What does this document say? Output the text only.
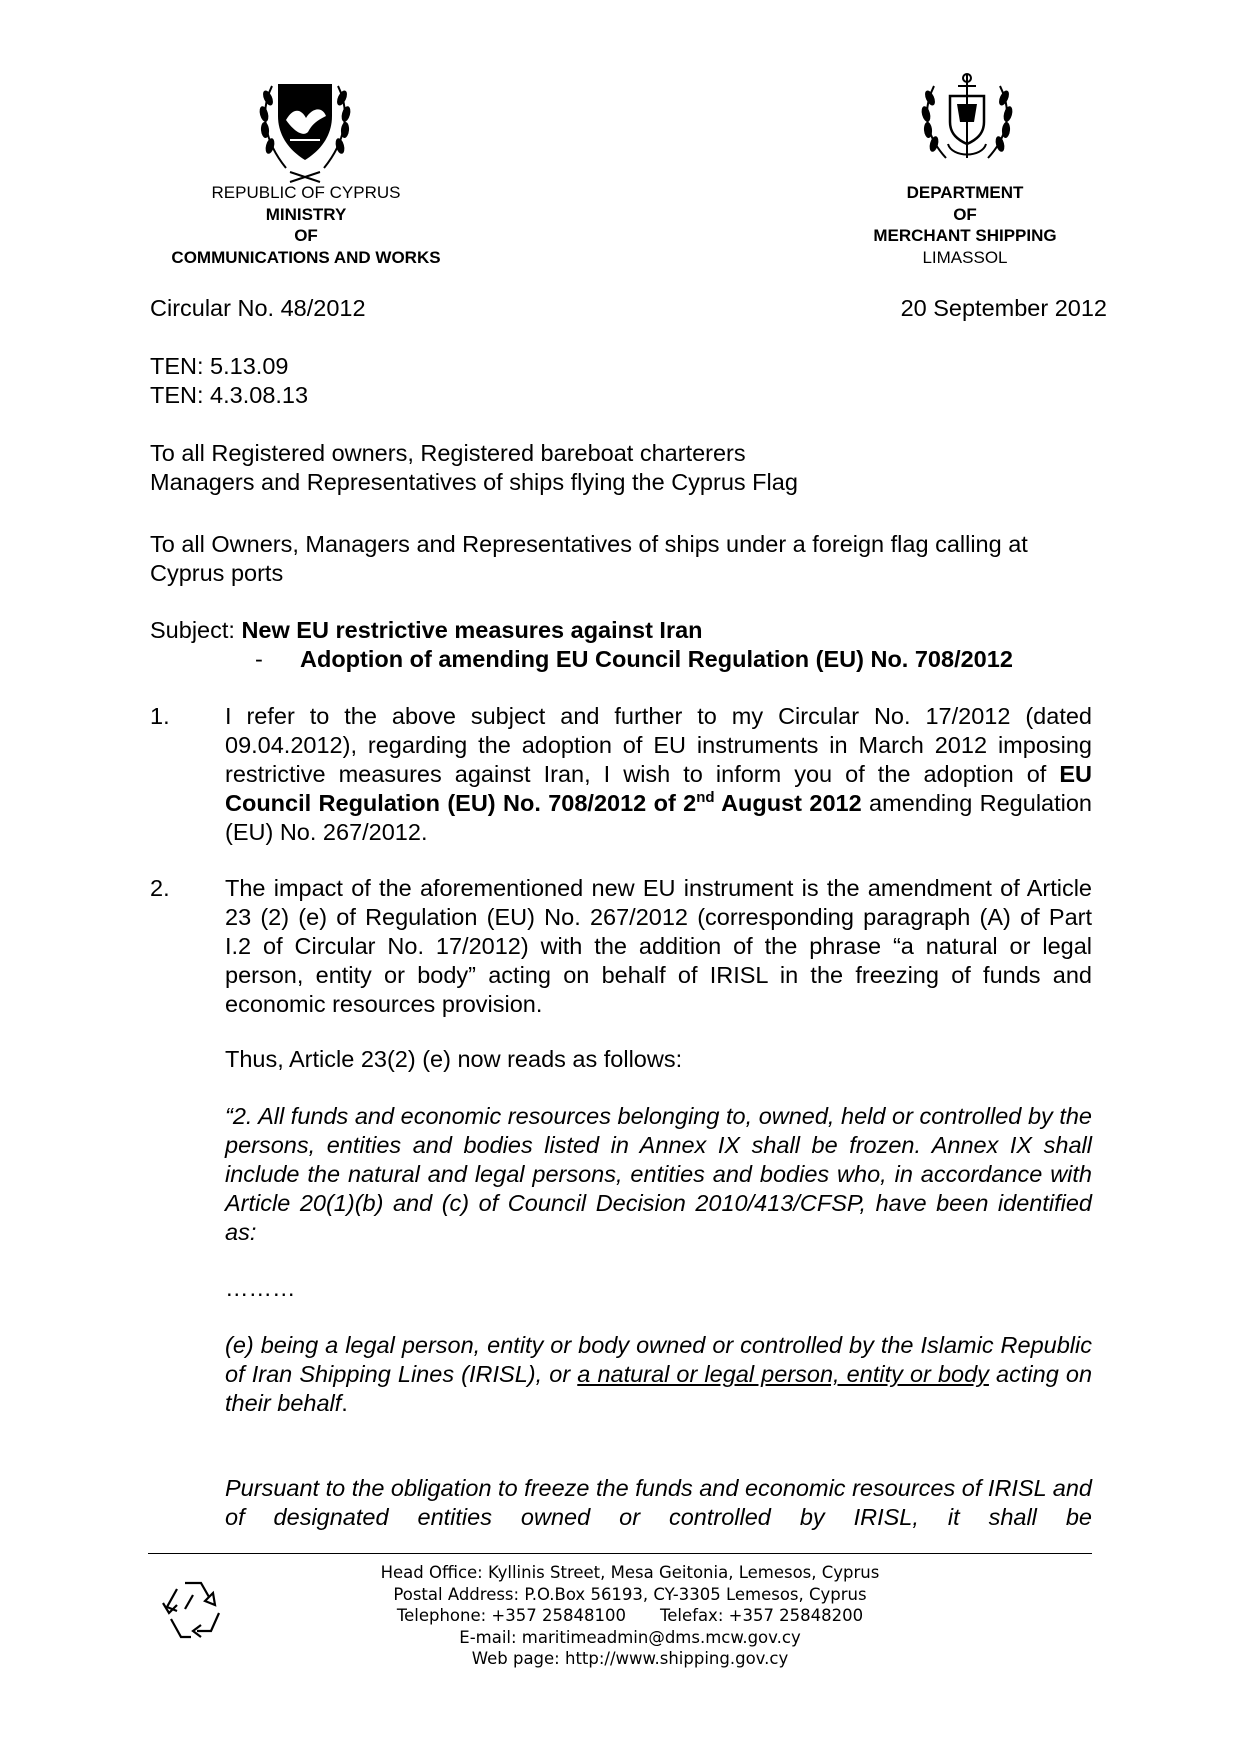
REPUBLIC OF CYPRUS
MINISTRY
OF
COMMUNICATIONS AND WORKS
DEPARTMENT
OF
MERCHANT SHIPPING
LIMASSOL
Circular No. 48/2012	20 September 2012
TEN: 5.13.09
TEN: 4.3.08.13
To all Registered owners, Registered bareboat charterers
Managers and Representatives of ships flying the Cyprus Flag
To all Owners, Managers and Representatives of ships under a foreign flag calling at
Cyprus ports
Subject: New EU restrictive measures against Iran
- Adoption of amending EU Council Regulation (EU) No. 708/2012
1. I refer to the above subject and further to my Circular No. 17/2012 (dated 09.04.2012), regarding the adoption of EU instruments in March 2012 imposing restrictive measures against Iran, I wish to inform you of the adoption of EU Council Regulation (EU) No. 708/2012 of 2nd August 2012 amending Regulation (EU) No. 267/2012.
2. The impact of the aforementioned new EU instrument is the amendment of Article 23 (2) (e) of Regulation (EU) No. 267/2012 (corresponding paragraph (A) of Part I.2 of Circular No. 17/2012) with the addition of the phrase “a natural or legal person, entity or body” acting on behalf of IRISL in the freezing of funds and economic resources provision.
Thus, Article 23(2) (e) now reads as follows:
“2. All funds and economic resources belonging to, owned, held or controlled by the persons, entities and bodies listed in Annex IX shall be frozen. Annex IX shall include the natural and legal persons, entities and bodies who, in accordance with Article 20(1)(b) and (c) of Council Decision 2010/413/CFSP, have been identified as:
………
(e) being a legal person, entity or body owned or controlled by the Islamic Republic of Iran Shipping Lines (IRISL), or a natural or legal person, entity or body acting on their behalf.
Pursuant to the obligation to freeze the funds and economic resources of IRISL and of designated entities owned or controlled by IRISL, it shall be
Head Office: Kyllinis Street, Mesa Geitonia, Lemesos, Cyprus
Postal Address: P.O.Box 56193, CY-3305 Lemesos, Cyprus
Telephone: +357 25848100 Telefax: +357 25848200
E-mail: maritimeadmin@dms.mcw.gov.cy
Web page: http://www.shipping.gov.cy
